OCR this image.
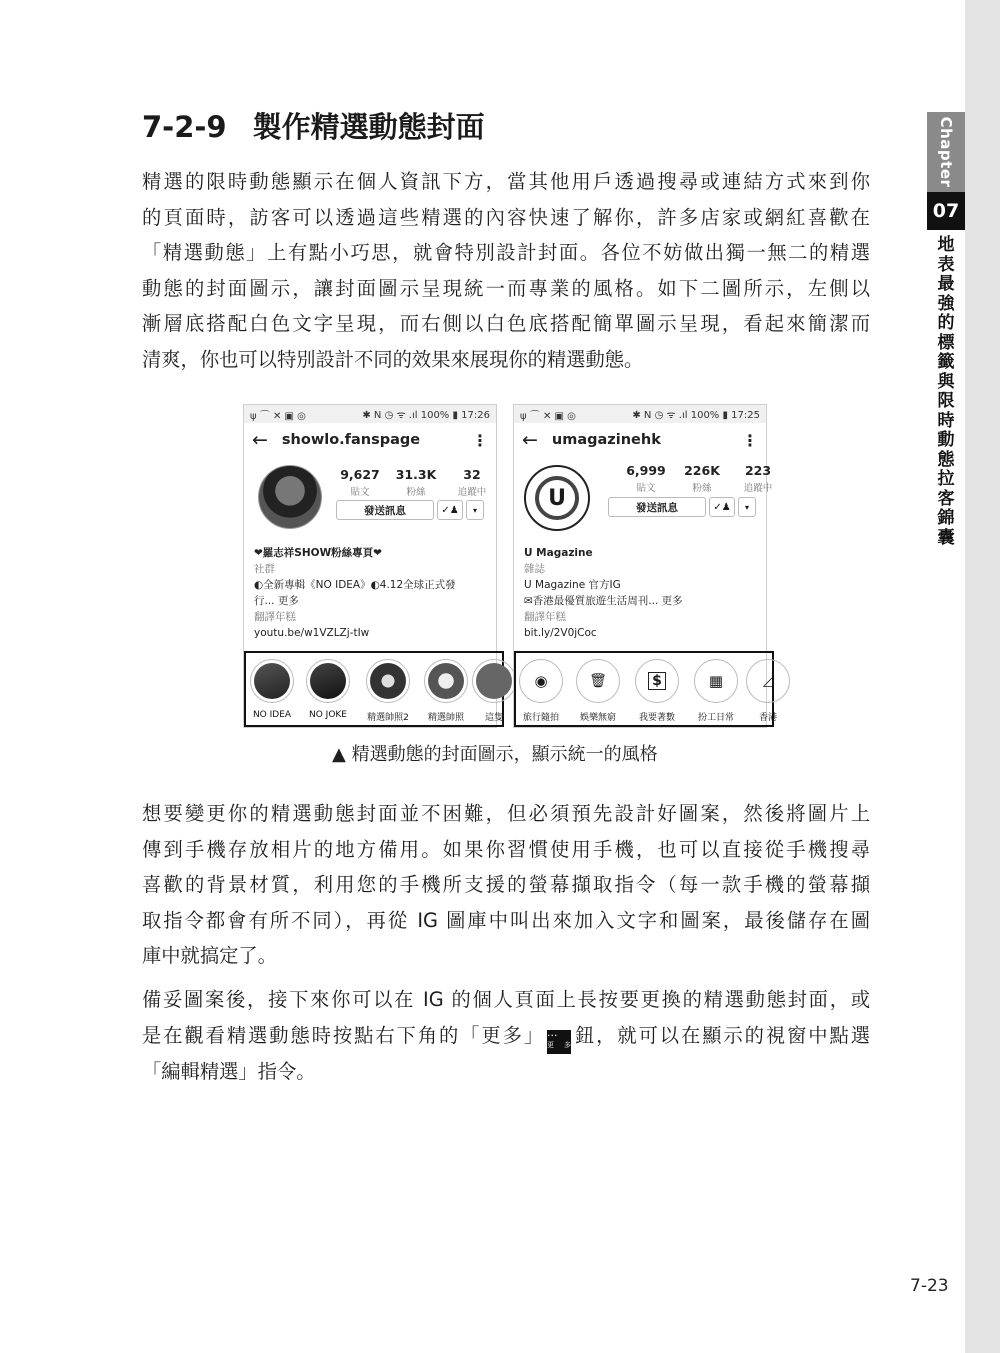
Chapter
07
地
表
最
強
的
標
籤
與
限
時
動
態
拉
客
錦
囊
7-2-9 製作精選動態封面

精選的限時動態顯示在個人資訊下方，當其他用戶透過搜尋或連結方式來到你
的頁面時，訪客可以透過這些精選的內容快速了解你，許多店家或網紅喜歡在
「精選動態」上有點小巧思，就會特別設計封面。各位不妨做出獨一無二的精選
動態的封面圖示，讓封面圖示呈現統一而專業的風格。如下二圖所示，左側以
漸層底搭配白色文字呈現，而右側以白色底搭配簡單圖示呈現，看起來簡潔而
清爽，你也可以特別設計不同的效果來展現你的精選動態。

ψ ⌒ ✕ ▣ ◎	✱ N ◷ ᯤ .ıl 100% ▮ 17:26
← showlo.fanspage	⋮
9,627
貼文
31.3K
粉絲
32
追蹤中
發送訊息	✓♟	▾
❤羅志祥SHOW粉絲專頁❤
社群
◐全新專輯《NO IDEA》◐4.12全球正式發
行... 更多
翻譯年糕
youtu.be/w1VZLZj-tIw
NO IDEA	NO JOKE	精選帥照2	精選帥照	這隻
ψ ⌒ ✕ ▣ ◎	✱ N ◷ ᯤ .ıl 100% ▮ 17:25
← umagazinehk	⋮
U
6,999
貼文
226K
粉絲
223
追蹤中
發送訊息	✓♟	▾
U Magazine
雜誌
U Magazine 官方IG
✉香港最優質旅遊生活周刊... 更多
翻譯年糕
bit.ly/2V0jCoc
◉
旅行隨拍
🗑
娛樂無窮
$
我要著數
▦
扮工日常
◿
香港
▲ 精選動態的封面圖示，顯示統一的風格

想要變更你的精選動態封面並不困難，但必須預先設計好圖案，然後將圖片上
傳到手機存放相片的地方備用。如果你習慣使用手機，也可以直接從手機搜尋
喜歡的背景材質，利用您的手機所支援的螢幕擷取指令（每一款手機的螢幕擷
取指令都會有所不同），再從 IG 圖庫中叫出來加入文字和圖案，最後儲存在圖
庫中就搞定了。

備妥圖案後，接下來你可以在 IG 的個人頁面上長按要更換的精選動態封面，或
是在觀看精選動態時按點右下角的「更多」 ···
更多 鈕，就可以在顯示的視窗中點選
「編輯精選」指令。

7-23
